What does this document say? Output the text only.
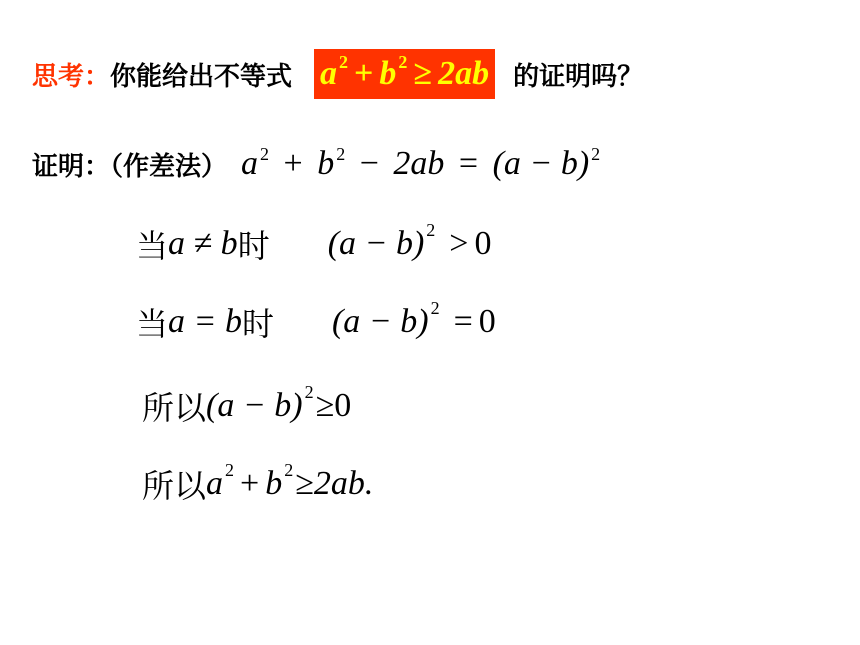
思考： 你能给出不等式 $a^2 + b^2 \ge 2ab$ 的证明吗？
证明：（作差法） a $^2$ + b $^2$ − 2ab = (a − b) $^2$
当 a ≠ b 时 $(a - b)^2 > 0$
当 a = b 时 $(a - b)^2 = 0$
所以 $(a - b)^2 \ge 0$
所以 $a^2 + b^2 \ge 2ab$.
